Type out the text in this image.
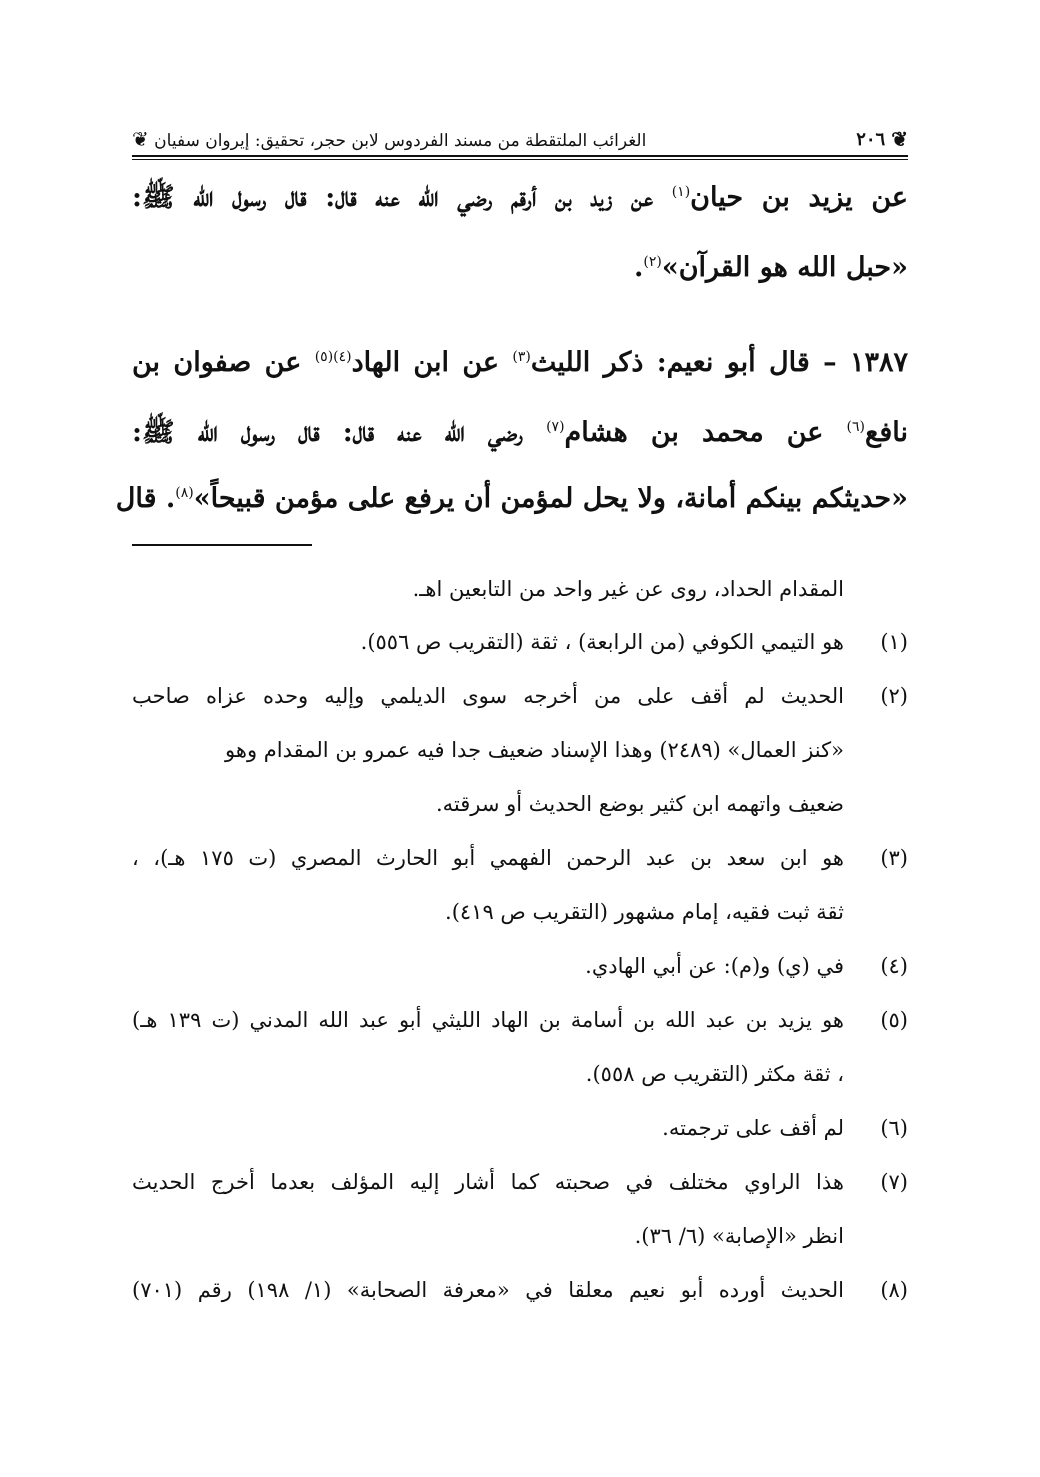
❦
٢٠٦
الغرائب الملتقطة من مسند الفردوس لابن حجر، تحقيق: إيروان سفيان ❦
عن يزيد بن حيان$^{(١)}$ عن زيد بن أرقم رضي الله عنه قال: قال رسول الله ﷺ:
«حبل الله هو القرآن»$^{(٢)}$.
١٣٨٧ – قال أبو نعيم: ذكر الليث$^{(٣)}$ عن ابن الهاد$^{(٤)(٥)}$ عن صفوان بن
نافع$^{(٦)}$ عن محمد بن هشام$^{(٧)}$ رضي الله عنه قال: قال رسول الله ﷺ:
«حديثكم بينكم أمانة، ولا يحل لمؤمن أن يرفع على مؤمن قبيحاً»$^{(٨)}$. قال
المقدام الحداد، روى عن غير واحد من التابعين اهـ.
(١)
هو التيمي الكوفي (من الرابعة) ، ثقة (التقريب ص ٥٥٦).
(٢)
الحديث لم أقف على من أخرجه سوى الديلمي وإليه وحده عزاه صاحب
«كنز العمال» (٢٤٨٩) وهذا الإسناد ضعيف جدا فيه عمرو بن المقدام وهو
ضعيف واتهمه ابن كثير بوضع الحديث أو سرقته.
(٣)
هو ابن سعد بن عبد الرحمن الفهمي أبو الحارث المصري (ت ١٧٥ هـ)، ،
ثقة ثبت فقيه، إمام مشهور (التقريب ص ٤١٩).
(٤)
في (ي) و(م): عن أبي الهادي.
(٥)
هو يزيد بن عبد الله بن أسامة بن الهاد الليثي أبو عبد الله المدني (ت ١٣٩ هـ)
، ثقة مكثر (التقريب ص ٥٥٨).
(٦)
لم أقف على ترجمته.
(٧)
هذا الراوي مختلف في صحبته كما أشار إليه المؤلف بعدما أخرج الحديث
انظر «الإصابة» (٦/ ٣٦).
(٨)
الحديث أورده أبو نعيم معلقا في «معرفة الصحابة» (١/ ١٩٨) رقم (٧٠١)
